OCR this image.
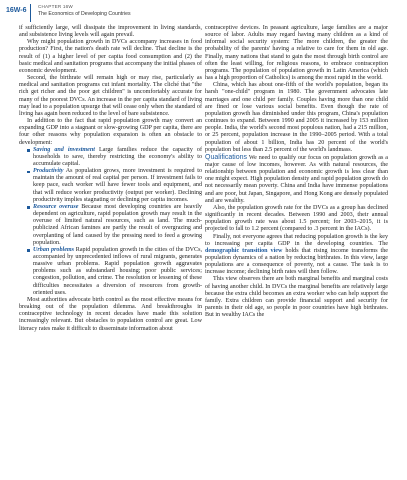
16W-6
CHAPTER 16W
The Economics of Developing Countries

if sufficiently large, will dissipate the improvement in living standards, and subsistence living levels will again prevail.

Why might population growth in DVCs accompany increases in food production? First, the nation's death rate will decline. That decline is the result of (1) a higher level of per capita food consumption and (2) the basic medical and sanitation programs that accompany the initial phases of economic development.

Second, the birthrate will remain high or may rise, particularly as medical and sanitation programs cut infant mortality. The cliché that "the rich get richer and the poor get children" is uncomfortably accurate for many of the poorest DVCs. An increase in the per capita standard of living may lead to a population upsurge that will cease only when the standard of living has again been reduced to the level of bare subsistence.

In addition to the fact that rapid population growth may convert an expanding GDP into a stagnant or slow-growing GDP per capita, there are four other reasons why population expansion is often an obstacle to development:

Saving and investment Large families reduce the capacity of households to save, thereby restricting the economy's ability to accumulate capital.
Productivity As population grows, more investment is required to maintain the amount of real capital per person. If investment fails to keep pace, each worker will have fewer tools and equipment, and that will reduce worker productivity (output per worker). Declining productivity implies stagnating or declining per capita incomes.
Resource overuse Because most developing countries are heavily dependent on agriculture, rapid population growth may result in the overuse of limited natural resources, such as land. The much-publicized African famines are partly the result of overgrazing and overplanting of land caused by the pressing need to feed a growing population.
Urban problems Rapid population growth in the cities of the DVCs, accompanied by unprecedented inflows of rural migrants, generates massive urban problems. Rapid population growth aggravates problems such as substandard housing; poor public services; congestion, pollution, and crime. The resolution or lessening of these difficulties necessitates a diversion of resources from growth-oriented uses.

Most authorities advocate birth control as the most effective means for breaking out of the population dilemma. And breakthroughs in contraceptive technology in recent decades have made this solution increasingly relevant. But obstacles to population control are great. Low literacy rates make it difficult to disseminate information about

contraceptive devices. In peasant agriculture, large families are a major source of labor. Adults may regard having many children as a kind of informal social security system: The more children, the greater the probability of the parents' having a relative to care for them in old age. Finally, many nations that stand to gain the most through birth control are often the least willing, for religious reasons, to embrace contraception programs. The population of population growth in Latin America (which has a high proportion of Catholics) is among the most rapid in the world.

China, which has about one-fifth of the world's population, began its harsh "one-child" program in 1980. The government advocates late marriages and one child per family. Couples having more than one child are fined or lose various social benefits. Even though the rate of population growth has diminished under this program, China's population continues to expand. Between 1990 and 2005 it increased by 153 million people. India, the world's second most populous nation, had a 215 million, or 25 percent, population increase in the 1990–2005 period. With a total population of about 1 billion, India has 20 percent of the world's population but less than 2.5 percent of the world's landmass.

Qualifications We need to qualify our focus on population growth as a major cause of low incomes, however. As with natural resources, the relationship between population and economic growth is less clear than one might expect. High population density and rapid population growth do not necessarily mean poverty. China and India have immense populations and are poor, but Japan, Singapore, and Hong Kong are densely populated and are wealthy.

Also, the population growth rate for the DVCs as a group has declined significantly in recent decades. Between 1990 and 2003, their annual population growth rate was about 1.5 percent; for 2003–2015, it is projected to fall to 1.2 percent (compared to .3 percent in the IACs).

Finally, not everyone agrees that reducing population growth is the key to increasing per capita GDP in the developing countries. The demographic transition view holds that rising income transforms the population dynamics of a nation by reducing birthrates. In this view, large populations are a consequence of poverty, not a cause. The task is to increase income; declining birth rates will then follow.

This view observes there are both marginal benefits and marginal costs of having another child. In DVCs the marginal benefits are relatively large because the extra child becomes an extra worker who can help support the family. Extra children can provide financial support and security for parents in their old age, so people in poor countries have high birthrates. But in wealthy IACs the
